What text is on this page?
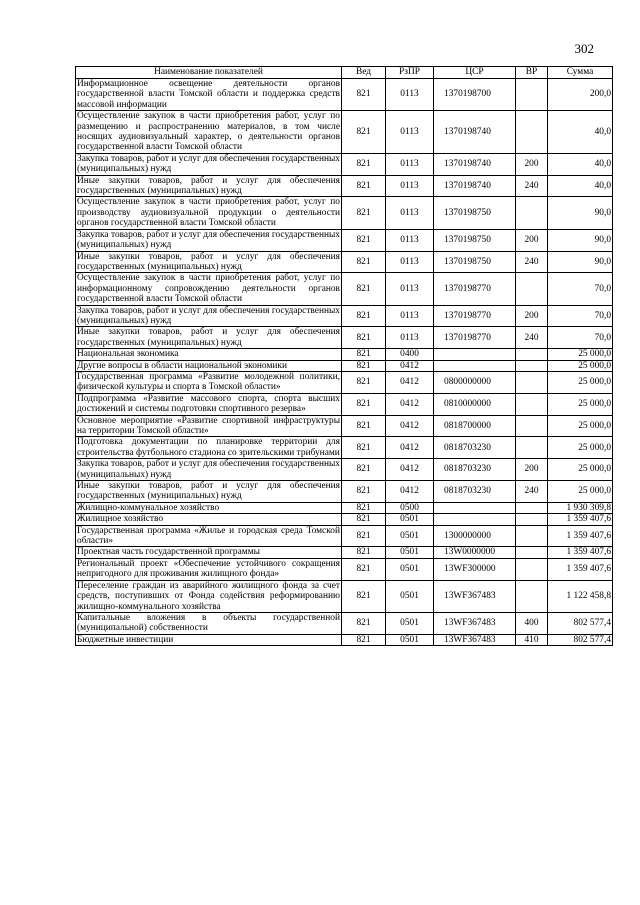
302
Наименование показателей	Вед	РзПР	ЦСР	ВР	Сумма
Информационное освещение деятельности органов государственной власти Томской области и поддержка средств массовой информации	821	0113	1370198700		200,0
Осуществление закупок в части приобретения работ, услуг по размещению и распространению материалов, в том числе носящих аудиовизуальный характер, о деятельности органов государственной власти Томской области	821	0113	1370198740		40,0
Закупка товаров, работ и услуг для обеспечения государственных (муниципальных) нужд	821	0113	1370198740	200	40,0
Иные закупки товаров, работ и услуг для обеспечения государственных (муниципальных) нужд	821	0113	1370198740	240	40,0
Осуществление закупок в части приобретения работ, услуг по производству аудиовизуальной продукции о деятельности органов государственной власти Томской области	821	0113	1370198750		90,0
Закупка товаров, работ и услуг для обеспечения государственных (муниципальных) нужд	821	0113	1370198750	200	90,0
Иные закупки товаров, работ и услуг для обеспечения государственных (муниципальных) нужд	821	0113	1370198750	240	90,0
Осуществление закупок в части приобретения работ, услуг по информационному сопровождению деятельности органов государственной власти Томской области	821	0113	1370198770		70,0
Закупка товаров, работ и услуг для обеспечения государственных (муниципальных) нужд	821	0113	1370198770	200	70,0
Иные закупки товаров, работ и услуг для обеспечения государственных (муниципальных) нужд	821	0113	1370198770	240	70,0
Национальная экономика	821	0400			25 000,0
Другие вопросы в области национальной экономики	821	0412			25 000,0
Государственная программа «Развитие молодежной политики, физической культуры и спорта в Томской области»	821	0412	0800000000		25 000,0
Подпрограмма «Развитие массового спорта, спорта высших достижений и системы подготовки спортивного резерва»	821	0412	0810000000		25 000,0
Основное мероприятие «Развитие спортивной инфраструктуры на территории Томской области»	821	0412	0818700000		25 000,0
Подготовка документации по планировке территории для строительства футбольного стадиона со зрительскими трибунами	821	0412	0818703230		25 000,0
Закупка товаров, работ и услуг для обеспечения государственных (муниципальных) нужд	821	0412	0818703230	200	25 000,0
Иные закупки товаров, работ и услуг для обеспечения государственных (муниципальных) нужд	821	0412	0818703230	240	25 000,0
Жилищно-коммунальное хозяйство	821	0500			1 930 309,8
Жилищное хозяйство	821	0501			1 359 407,6
Государственная программа «Жилье и городская среда Томской области»	821	0501	1300000000		1 359 407,6
Проектная часть государственной программы	821	0501	13W0000000		1 359 407,6
Региональный проект «Обеспечение устойчивого сокращения непригодного для проживания жилищного фонда»	821	0501	13WF300000		1 359 407,6
Переселение граждан из аварийного жилищного фонда за счет средств, поступивших от Фонда содействия реформированию жилищно-коммунального хозяйства	821	0501	13WF367483		1 122 458,8
Капитальные вложения в объекты государственной (муниципальной) собственности	821	0501	13WF367483	400	802 577,4
Бюджетные инвестиции	821	0501	13WF367483	410	802 577,4
